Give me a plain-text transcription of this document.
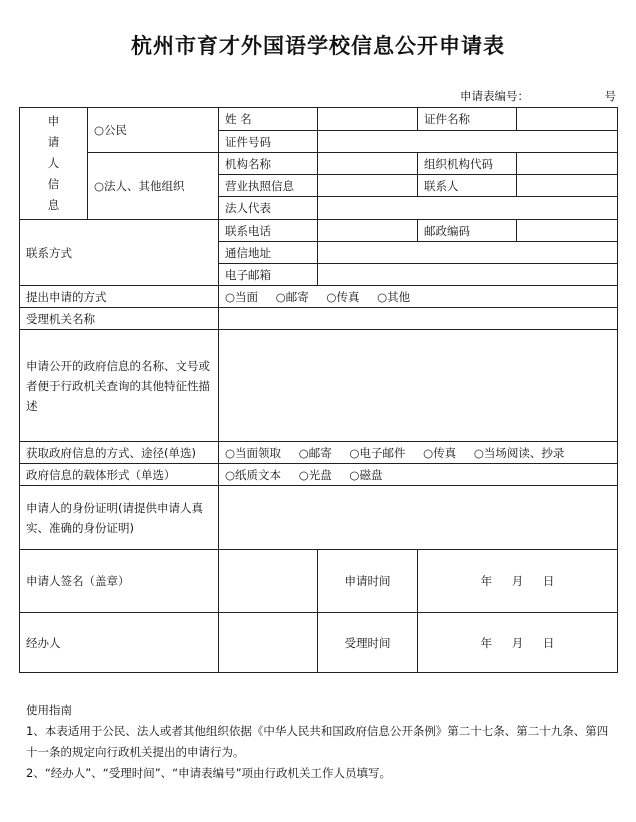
杭州市育才外国语学校信息公开申请表
申请表编号：	号
申
请
人
信
息	○公民	姓 名		证件名称	
		证件号码			
	○法人、其他组织	机构名称		组织机构代码	
		营业执照信息		联系人	
		法人代表			
联系方式		联系电话		邮政编码	
		通信地址			
		电子邮箱			
提出申请的方式		○当面 ○邮寄 ○传真 ○其他			
受理机关名称					
申请公开的政府信息的名称、文号或者便于行政机关查询的其他特征性描述					
获取政府信息的方式、途径(单选)		○当面领取 ○邮寄 ○电子邮件 ○传真 ○当场阅读、抄录			
政府信息的载体形式（单选）		○纸质文本 ○光盘 ○磁盘			
申请人的身份证明(请提供申请人真实、准确的身份证明)					
申请人签名（盖章）			申请时间	年 月 日	
经办人			受理时间	年 月 日	
使用指南
1、本表适用于公民、法人或者其他组织依据《中华人民共和国政府信息公开条例》第二十七条、第二十九条、第四十一条的规定向行政机关提出的申请行为。
2、“经办人”、“受理时间”、“申请表编号”项由行政机关工作人员填写。
